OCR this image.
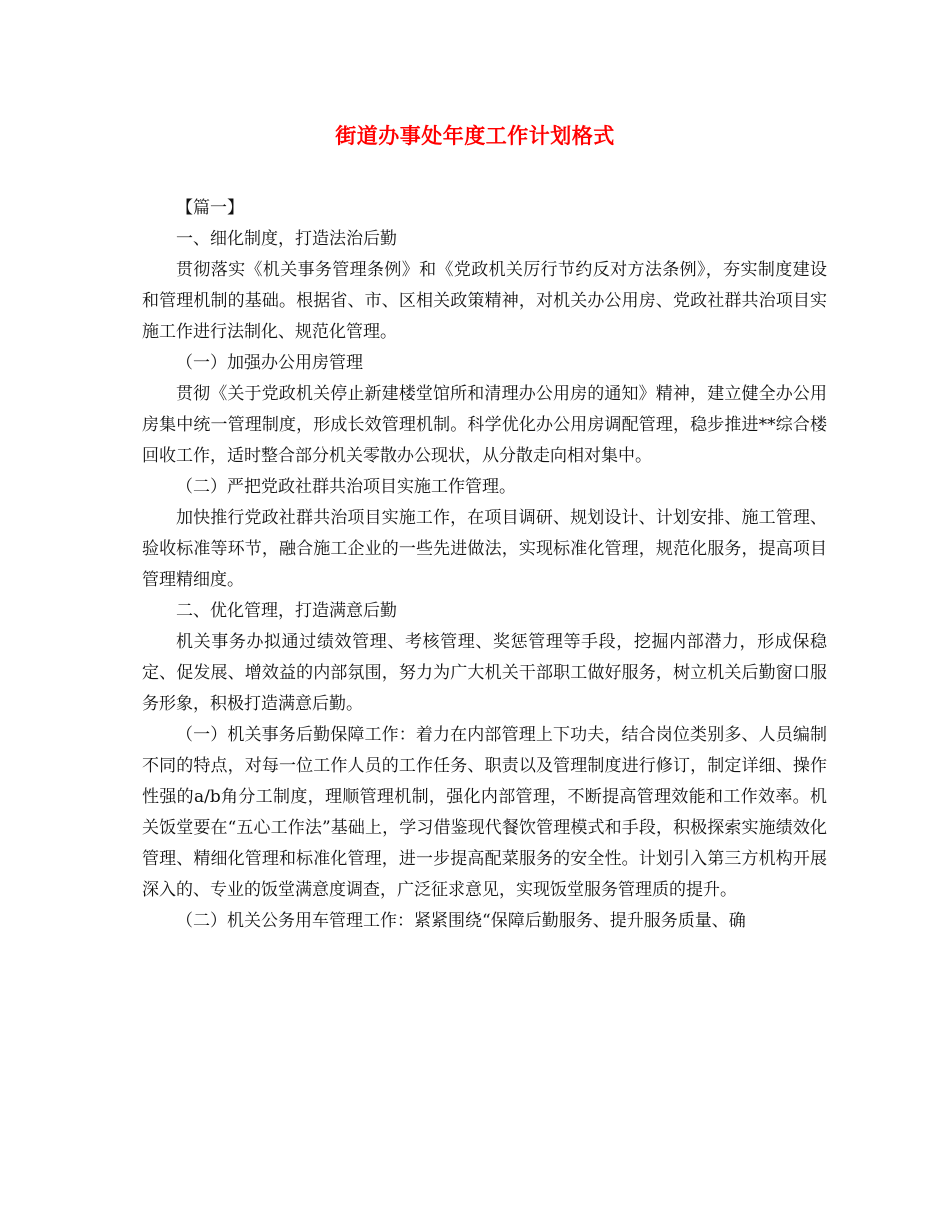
街道办事处年度工作计划格式

【篇一】

一、细化制度，打造法治后勤

贯彻落实《机关事务管理条例》和《党政机关厉行节约反对方法条例》，夯实制度建设和管理机制的基础。根据省、市、区相关政策精神，对机关办公用房、党政社群共治项目实施工作进行法制化、规范化管理。

（一）加强办公用房管理

贯彻《关于党政机关停止新建楼堂馆所和清理办公用房的通知》精神，建立健全办公用房集中统一管理制度，形成长效管理机制。科学优化办公用房调配管理，稳步推进**综合楼回收工作，适时整合部分机关零散办公现状，从分散走向相对集中。

（二）严把党政社群共治项目实施工作管理。

加快推行党政社群共治项目实施工作，在项目调研、规划设计、计划安排、施工管理、验收标准等环节，融合施工企业的一些先进做法，实现标准化管理，规范化服务，提高项目管理精细度。

二、优化管理，打造满意后勤

机关事务办拟通过绩效管理、考核管理、奖惩管理等手段，挖掘内部潜力，形成保稳定、促发展、增效益的内部氛围，努力为广大机关干部职工做好服务，树立机关后勤窗口服务形象，积极打造满意后勤。

（一）机关事务后勤保障工作：着力在内部管理上下功夫，结合岗位类别多、人员编制不同的特点，对每一位工作人员的工作任务、职责以及管理制度进行修订，制定详细、操作性强的a/b角分工制度，理顺管理机制，强化内部管理，不断提高管理效能和工作效率。机关饭堂要在“五心工作法”基础上，学习借鉴现代餐饮管理模式和手段，积极探索实施绩效化管理、精细化管理和标准化管理，进一步提高配菜服务的安全性。计划引入第三方机构开展深入的、专业的饭堂满意度调查，广泛征求意见，实现饭堂服务管理质的提升。

（二）机关公务用车管理工作：紧紧围绕“保障后勤服务、提升服务质量、确
